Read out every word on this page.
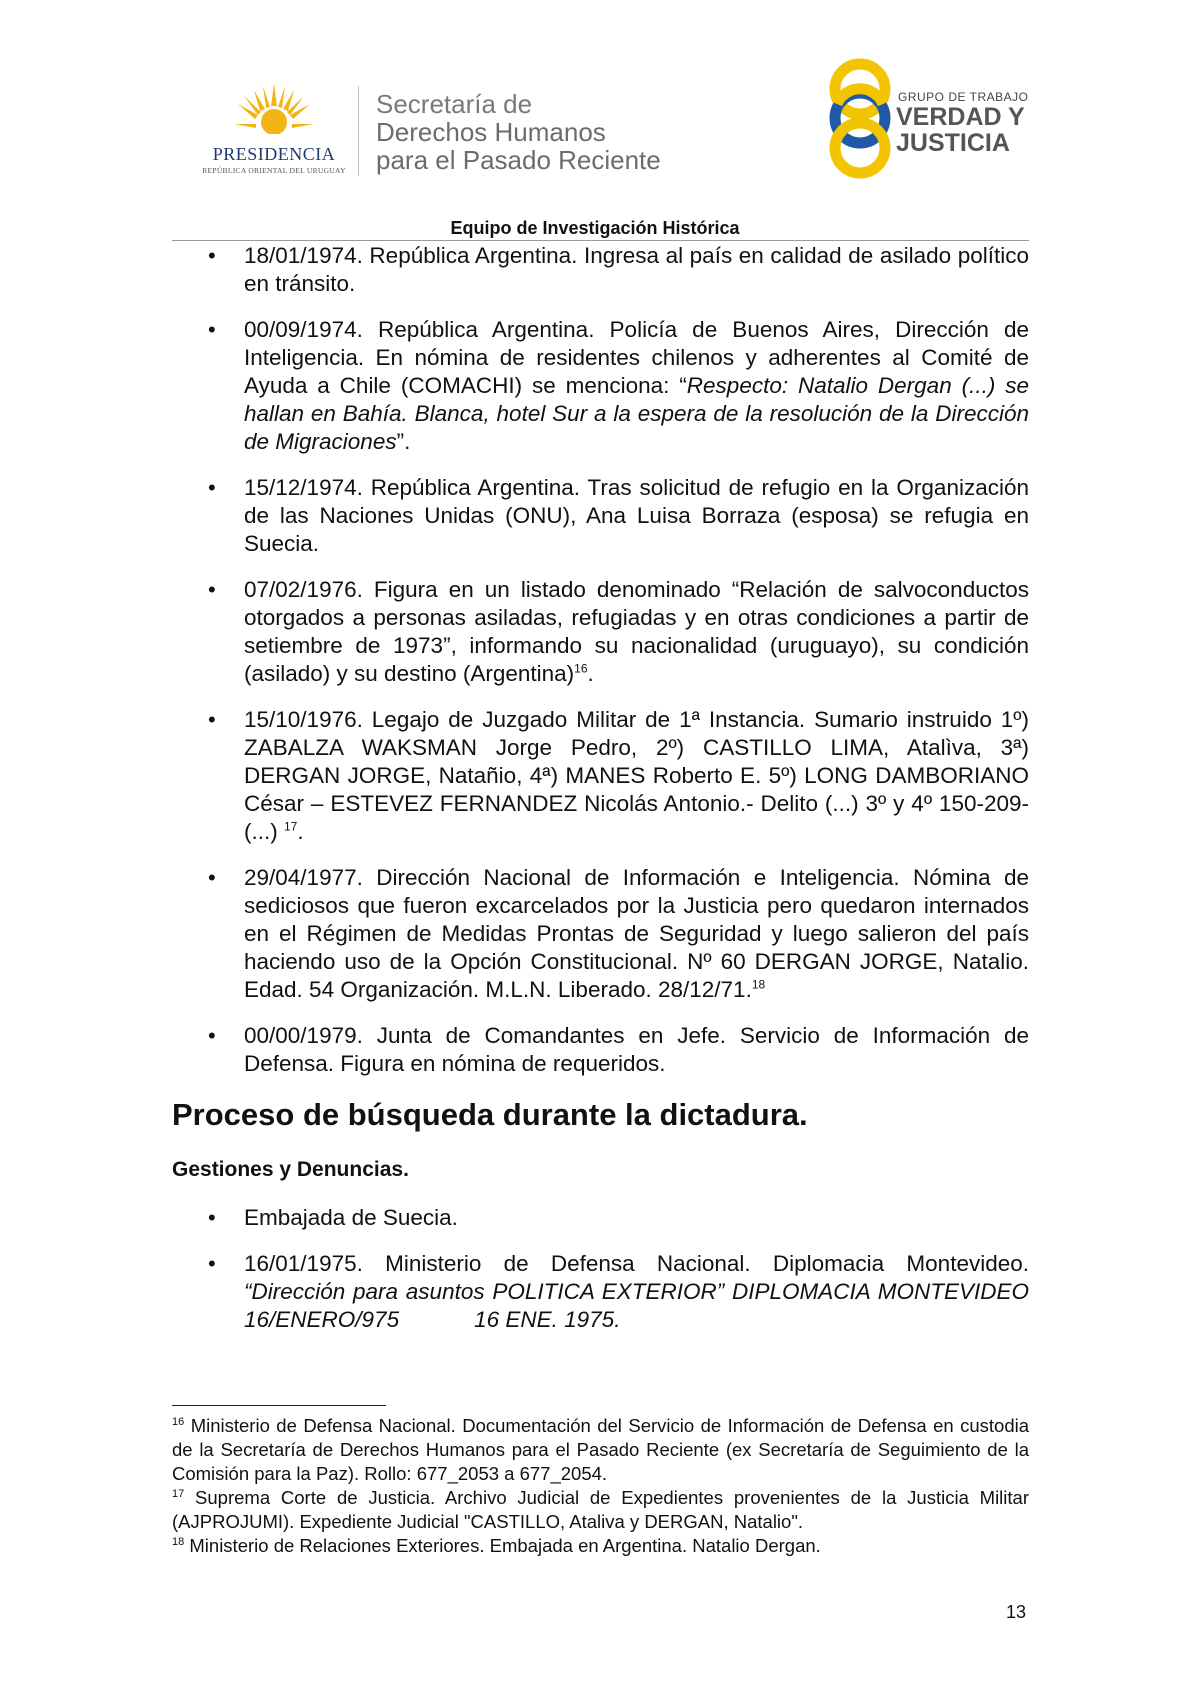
PRESIDENCIA
REPÚBLICA ORIENTAL DEL URUGUAY
Secretaría de
Derechos Humanos
para el Pasado Reciente
GRUPO DE TRABAJO
VERDAD Y
JUSTICIA
Equipo de Investigación Histórica
• 18/01/1974. República Argentina. Ingresa al país en calidad de asilado político en tránsito.
• 00/09/1974. República Argentina. Policía de Buenos Aires, Dirección de Inteligencia. En nómina de residentes chilenos y adherentes al Comité de Ayuda a Chile (COMACHI) se menciona: “Respecto: Natalio Dergan (...) se hallan en Bahía. Blanca, hotel Sur a la espera de la resolución de la Dirección de Migraciones”.
• 15/12/1974. República Argentina. Tras solicitud de refugio en la Organización de las Naciones Unidas (ONU), Ana Luisa Borraza (esposa) se refugia en Suecia.
• 07/02/1976. Figura en un listado denominado “Relación de salvoconductos otorgados a personas asiladas, refugiadas y en otras condiciones a partir de setiembre de 1973”, informando su nacionalidad (uruguayo), su condición (asilado) y su destino (Argentina)$^{16}$.
• 15/10/1976. Legajo de Juzgado Militar de 1ª Instancia. Sumario instruido 1º) ZABALZA WAKSMAN Jorge Pedro, 2º) CASTILLO LIMA, Atalìva, 3ª) DERGAN JORGE, Natañio, 4ª) MANES Roberto E. 5º) LONG DAMBORIANO César – ESTEVEZ FERNANDEZ Nicolás Antonio.- Delito (...) 3º y 4º 150-209-(...) $^{17}$.
• 29/04/1977. Dirección Nacional de Información e Inteligencia. Nómina de sediciosos que fueron excarcelados por la Justicia pero quedaron internados en el Régimen de Medidas Prontas de Seguridad y luego salieron del país haciendo uso de la Opción Constitucional. Nº 60 DERGAN JORGE, Natalio. Edad. 54 Organización. M.L.N. Liberado. 28/12/71.18
• 00/00/1979. Junta de Comandantes en Jefe. Servicio de Información de Defensa. Figura en nómina de requeridos.
Proceso de búsqueda durante la dictadura.
Gestiones y Denuncias.
• Embajada de Suecia.
• 16/01/1975. Ministerio de Defensa Nacional. Diplomacia Montevideo. “Dirección para asuntos POLITICA EXTERIOR” DIPLOMACIA MONTEVIDEO 16/ENERO/975            16 ENE. 1975.

$^{16}$ Ministerio de Defensa Nacional. Documentación del Servicio de Información de Defensa en custodia de la Secretaría de Derechos Humanos para el Pasado Reciente (ex Secretaría de Seguimiento de la Comisión para la Paz). Rollo: 677_2053 a 677_2054.

$^{17}$ Suprema Corte de Justicia. Archivo Judicial de Expedientes provenientes de la Justicia Militar (AJPROJUMI). Expediente Judicial "CASTILLO, Ataliva y DERGAN, Natalio".

$^{18}$ Ministerio de Relaciones Exteriores. Embajada en Argentina. Natalio Dergan.

13
